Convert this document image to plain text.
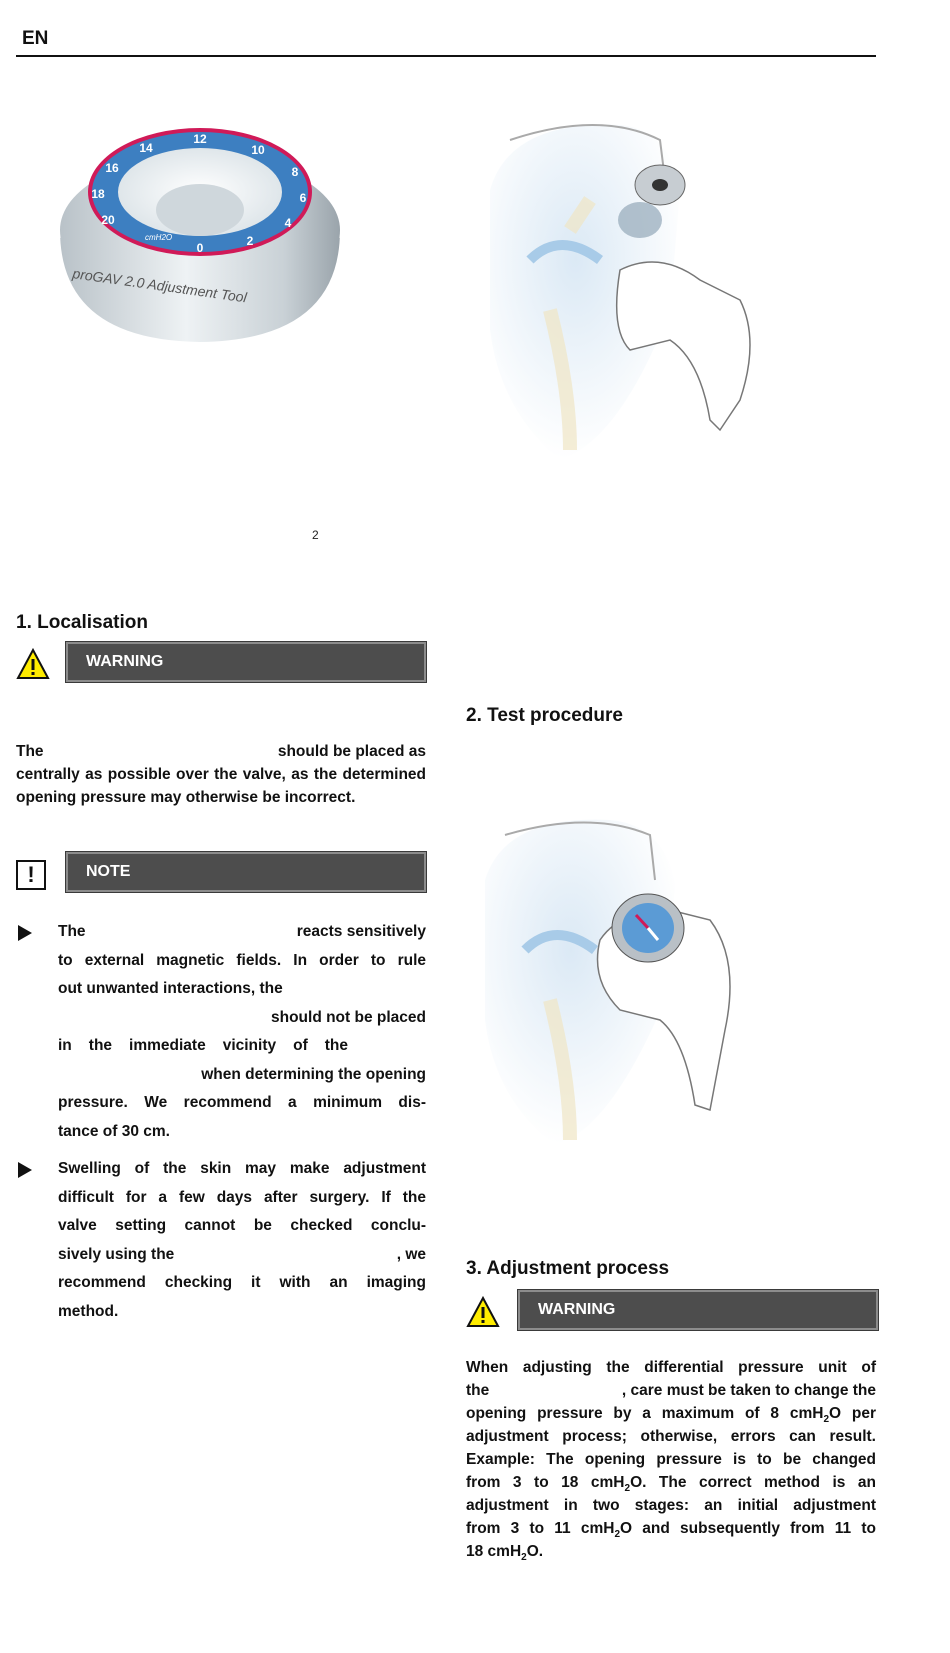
EN
12
10
8
6
4
2
0
20
18
16
14
cmH2O
proGAV 2.0 Adjustment Tool
2
1. Localisation
WARNING
The	should be placed as
centrally as possible over the valve, as the determined opening pressure may otherwise be incorrect.
!	NOTE
The	reacts sensitively
to external magnetic fields. In order to rule
out unwanted interactions, the
should not be placed
in the immediate vicinity of the
when determining the opening
pressure. We recommend a minimum dis-
tance of 30 cm.
Swelling of the skin may make adjustment
difficult for a few days after surgery. If the
valve setting cannot be checked conclu-
sively using the	, we
recommend checking it with an imaging
method.
2. Test procedure
3. Adjustment process
WARNING
When adjusting the differential pressure unit of
the	, care must be taken to change the
opening pressure by a maximum of 8 cmH$_2$O per
adjustment process; otherwise, errors can result.
Example: The opening pressure is to be changed
from 3 to 18 cmH$_2$O. The correct method is an
adjustment in two stages: an initial adjustment
from 3 to 11 cmH$_2$O and subsequently from 11 to
18 cmH$_2$O.
